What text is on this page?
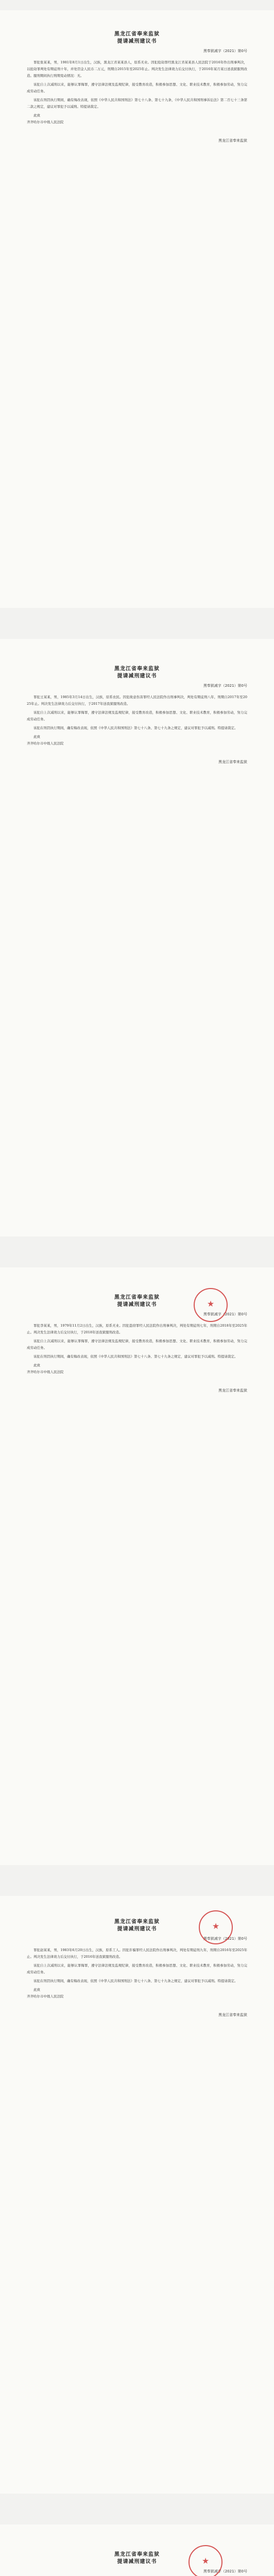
黑龙江省奉来监狱
提请减刑建议书
黑奉狱减字（2021）第0号

罪犯张某某，男，1981年8月1日出生，汉族，黑龙江省某某县人，原系无业。因犯抢劫罪经黑龙江省某某县人民法院于2016年作出刑事判决，以抢劫罪判处有期徒刑十年，并处罚金人民币二万元，刑期自2015年至2025年止。判决发生法律效力后交付执行，于2016年某月某日送我狱服刑改造。服刑期间执行刑期变动情况：无。

该犯自上次减刑以来，能够认罪悔罪，遵守法律法规及监规纪律，接受教育改造，积极参加思想、文化、职业技术教育，积极参加劳动，努力完成劳动任务。

该犯在刑罚执行期间，确有悔改表现，依照《中华人民共和国刑法》第七十八条、第七十九条，《中华人民共和国刑事诉讼法》第二百七十三条第二款之规定，建议对罪犯予以减刑。特提请裁定。

此致

齐齐哈尔市中级人民法院

黑龙江省奉来监狱
黑龙江省奉来监狱
提请减刑建议书
黑奉狱减字（2021）第0号

罪犯王某某，男，1985年3月14日出生，汉族，原系农民。因犯故意伤害罪经人民法院作出刑事判决，判处有期徒刑八年，刑期自2017年至2025年止。判决发生法律效力后交付执行，于2017年送我狱服刑改造。

该犯自上次减刑以来，能够认罪悔罪，遵守法律法规及监规纪律，接受教育改造，积极参加思想、文化、职业技术教育，积极参加劳动，努力完成劳动任务。

该犯在刑罚执行期间，确有悔改表现，依照《中华人民共和国刑法》第七十八条、第七十九条之规定，建议对罪犯予以减刑。特提请裁定。

此致

齐齐哈尔市中级人民法院

黑龙江省奉来监狱
★
黑龙江省奉来监狱
提请减刑建议书
黑奉狱减字（2021）第0号

罪犯李某某，男，1979年11月2日出生，汉族，原系无业。因犯盗窃罪经人民法院作出刑事判决，判处有期徒刑七年，刑期自2018年至2025年止。判决发生法律效力后交付执行，于2018年送我狱服刑改造。

该犯自上次减刑以来，能够认罪悔罪，遵守法律法规及监规纪律，接受教育改造，积极参加思想、文化、职业技术教育，积极参加劳动，努力完成劳动任务。

该犯在刑罚执行期间，确有悔改表现，依照《中华人民共和国刑法》第七十八条、第七十九条之规定，建议对罪犯予以减刑。特提请裁定。

此致

齐齐哈尔市中级人民法院

黑龙江省奉来监狱
★
黑龙江省奉来监狱
提请减刑建议书
黑奉狱减字（2021）第0号

罪犯赵某某，男，1983年6月20日出生，汉族，原系工人。因犯诈骗罪经人民法院作出刑事判决，判处有期徒刑九年，刑期自2016年至2025年止。判决发生法律效力后交付执行，于2016年送我狱服刑改造。

该犯自上次减刑以来，能够认罪悔罪，遵守法律法规及监规纪律，接受教育改造，积极参加思想、文化、职业技术教育，积极参加劳动，努力完成劳动任务。

该犯在刑罚执行期间，确有悔改表现，依照《中华人民共和国刑法》第七十八条、第七十九条之规定，建议对罪犯予以减刑。特提请裁定。

此致

齐齐哈尔市中级人民法院

黑龙江省奉来监狱
★
黑龙江省奉来监狱
提请减刑建议书
黑奉狱减字（2021）第0号
